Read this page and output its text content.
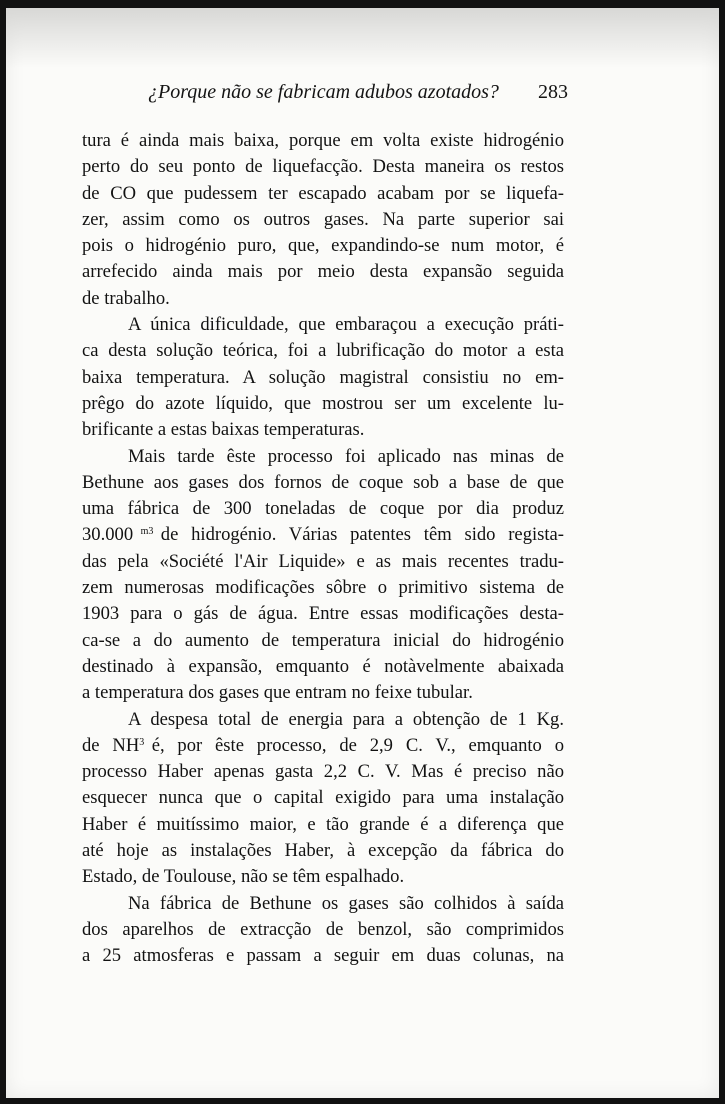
¿Porque não se fabricam adubos azotados? 283
tura é ainda mais baixa, porque em volta existe hidrogénio
perto do seu ponto de liquefacção. Desta maneira os restos
de CO que pudessem ter escapado acabam por se liquefa-
zer, assim como os outros gases. Na parte superior sai
pois o hidrogénio puro, que, expandindo-se num motor, é
arrefecido ainda mais por meio desta expansão seguida
de trabalho.
A única dificuldade, que embaraçou a execução práti-
ca desta solução teórica, foi a lubrificação do motor a esta
baixa temperatura. A solução magistral consistiu no em-
prêgo do azote líquido, que mostrou ser um excelente lu-
brificante a estas baixas temperaturas.
Mais tarde êste processo foi aplicado nas minas de
Bethune aos gases dos fornos de coque sob a base de que
uma fábrica de 300 toneladas de coque por dia produz
30.000 $^{m3}$ de hidrogénio. Várias patentes têm sido regista-
das pela «Société l'Air Liquide» e as mais recentes tradu-
zem numerosas modificações sôbre o primitivo sistema de
1903 para o gás de água. Entre essas modificações desta-
ca-se a do aumento de temperatura inicial do hidrogénio
destinado à expansão, emquanto é notàvelmente abaixada
a temperatura dos gases que entram no feixe tubular.
A despesa total de energia para a obtenção de 1 Kg.
de $NH^3$ é, por êste processo, de 2,9 C. V., emquanto o
processo Haber apenas gasta 2,2 C. V. Mas é preciso não
esquecer nunca que o capital exigido para uma instalação
Haber é muitíssimo maior, e tão grande é a diferença que
até hoje as instalações Haber, à excepção da fábrica do
Estado, de Toulouse, não se têm espalhado.
Na fábrica de Bethune os gases são colhidos à saída
dos aparelhos de extracção de benzol, são comprimidos
a 25 atmosferas e passam a seguir em duas colunas, na
